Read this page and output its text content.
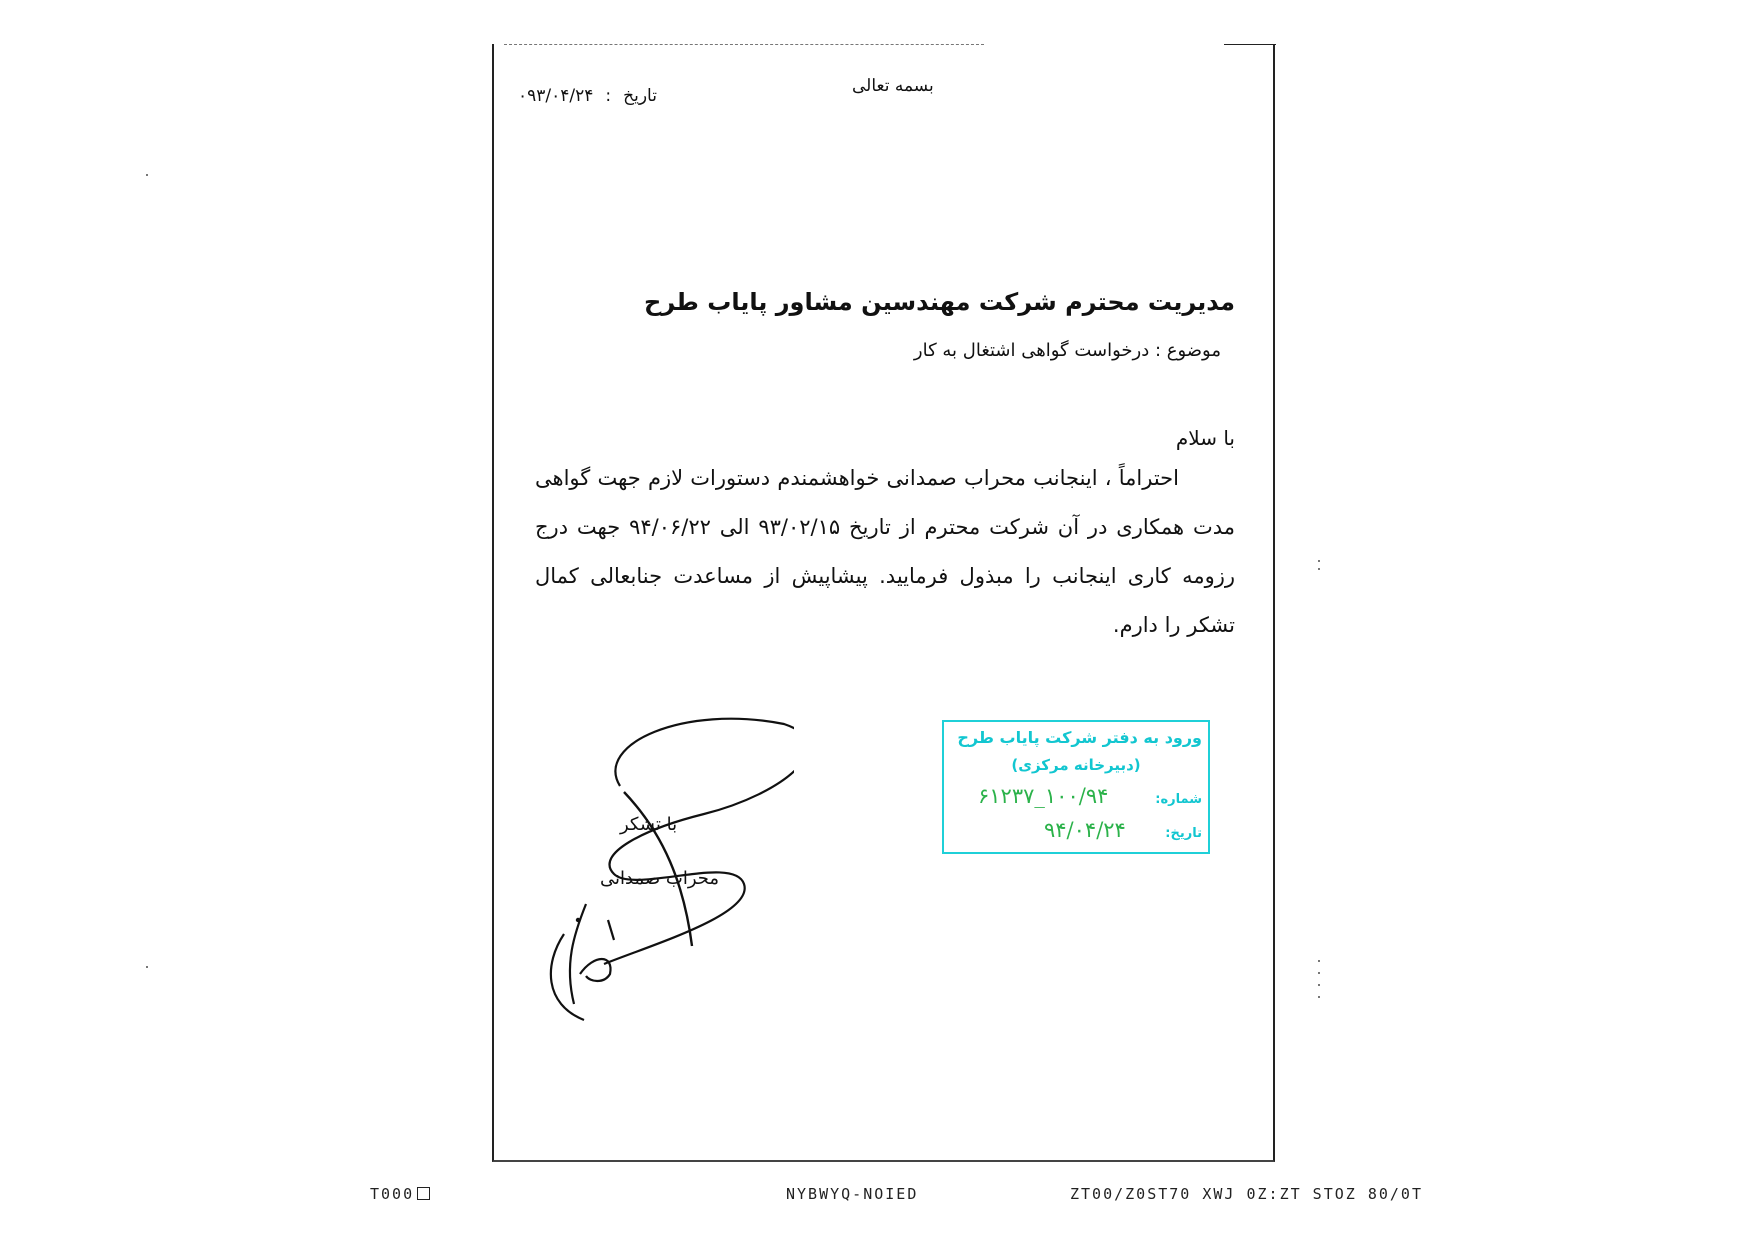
بسمه تعالی
تاریخ:۰۹۳/۰۴/۲۴
مدیریت محترم شرکت مهندسین مشاور پایاب طرح
موضوع : درخواست گواهی اشتغال به کار
با سلام
احتراماً ، اینجانب محراب صمدانی خواهشمندم دستورات لازم جهت گواهی مدت همکاری در آن شرکت محترم از تاریخ ۹۳/۰۲/۱۵ الی ۹۴/۰۶/۲۲ جهت درج رزومه کاری اینجانب را مبذول فرمایید. پیشاپیش از مساعدت جنابعالی کمال تشکر را دارم.
با تشکر
محراب صمدانی
ورود به دفتر شرکت پایاب طرح
(دبیرخانه مرکزی)
شماره:
۱۰۰/۹۴_۶۱۲۳۷
تاریخ:
۹۴/۰۴/۲۴
T000	NYBWYQ-NOIED	ZT00/Z0ST70 XWJ 0Z:ZT STOZ 80/0T
